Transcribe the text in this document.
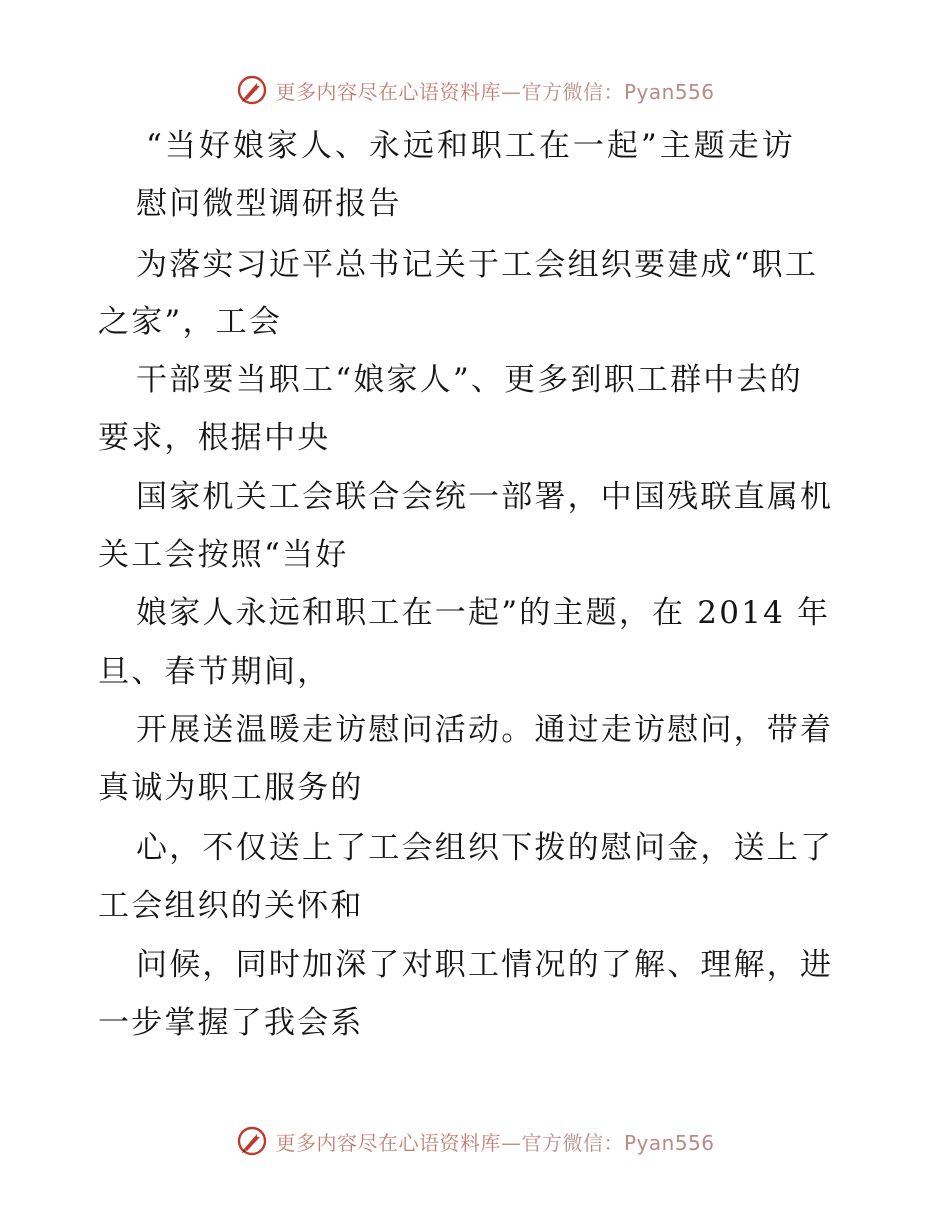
更多内容尽在心语资料库—官方微信：Pyan556
“当好娘家人、永远和职工在一起”主题走访
慰问微型调研报告
为落实习近平总书记关于工会组织要建成“职工
之家”，工会
干部要当职工“娘家人”、更多到职工群中去的
要求，根据中央
国家机关工会联合会统一部署，中国残联直属机
关工会按照“当好
娘家人永远和职工在一起”的主题，在 2014 年
旦、春节期间，
开展送温暖走访慰问活动。通过走访慰问，带着
真诚为职工服务的
心，不仅送上了工会组织下拨的慰问金，送上了
工会组织的关怀和
问候，同时加深了对职工情况的了解、理解，进
一步掌握了我会系
更多内容尽在心语资料库—官方微信：Pyan556
